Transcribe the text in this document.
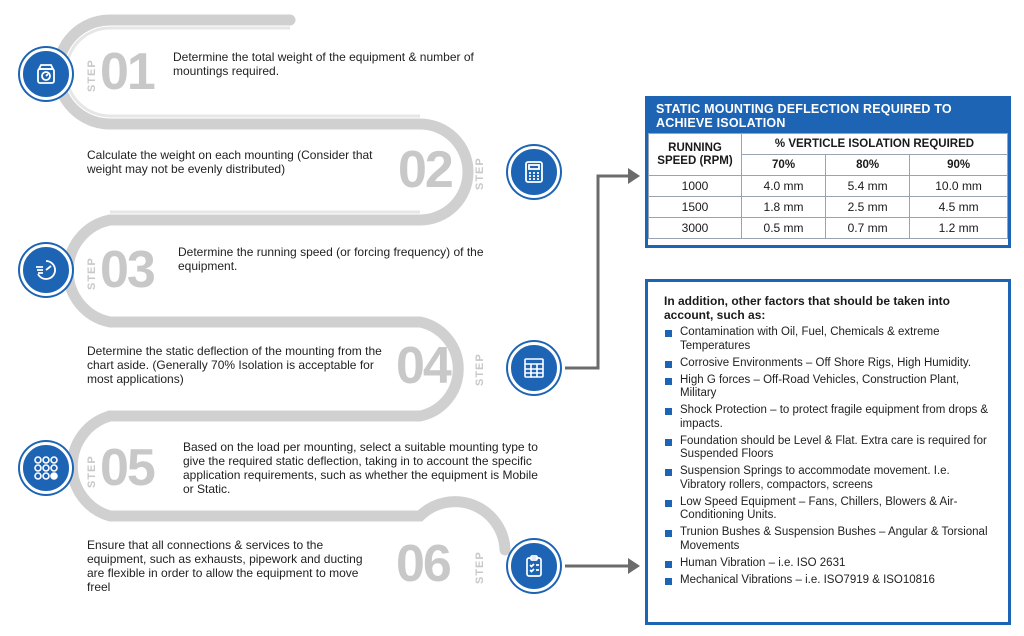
STEP 01 Determine the total weight of the equipment & number of mountings required.
Calculate the weight on each mounting (Consider that weight may not be evenly distributed)	02 STEP
STEP 03 Determine the running speed (or forcing frequency) of the equipment.
Determine the static deflection of the mounting from the chart aside. (Generally 70% Isolation is acceptable for most applications)	04 STEP
STEP 05 Based on the load per mounting, select a suitable mounting type to give the required static deflection, taking in to account the specific application requirements, such as whether the equipment is Mobile or Static.
Ensure that all connections & services to the equipment, such as exhausts, pipework and ducting are flexible in order to allow the equipment to move freel	06 STEP
STATIC MOUNTING DEFLECTION REQUIRED TO ACHIEVE ISOLATION
RUNNING SPEED (RPM)	% VERTICLE ISOLATION REQUIRED		
	70%	80%	90%
1000	4.0 mm	5.4 mm	10.0 mm
1500	1.8 mm	2.5 mm	4.5 mm
3000	0.5 mm	0.7 mm	1.2 mm
In addition, other factors that should be taken into account, such as:
Contamination with Oil, Fuel, Chemicals & extreme Temperatures
Corrosive Environments – Off Shore Rigs, High Humidity.
High G forces – Off-Road Vehicles, Construction Plant, Military
Shock Protection – to protect fragile equipment from drops & impacts.
Foundation should be Level & Flat. Extra care is required for Suspended Floors
Suspension Springs to accommodate movement. I.e. Vibratory rollers, compactors, screens
Low Speed Equipment – Fans, Chillers, Blowers & Air-Conditioning Units.
Trunion Bushes & Suspension Bushes – Angular & Torsional Movements
Human Vibration – i.e. ISO 2631
Mechanical Vibrations – i.e. ISO7919 & ISO10816
